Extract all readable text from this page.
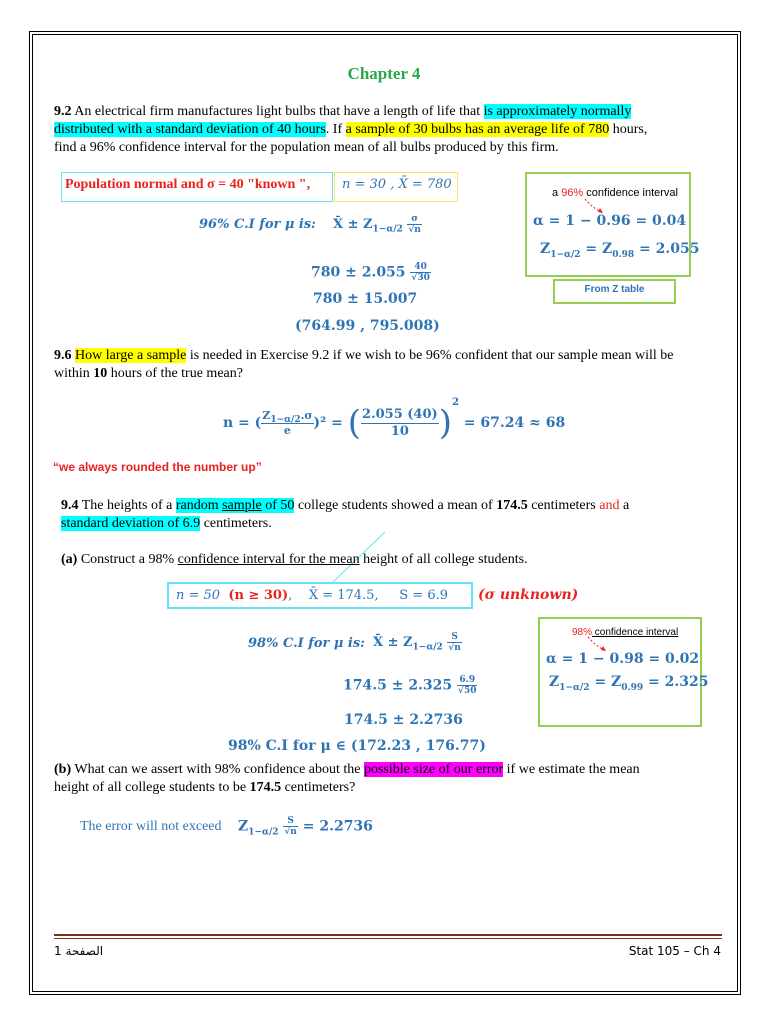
Chapter 4
9.2 An electrical firm manufactures light bulbs that have a length of life that is approximately normally
distributed with a standard deviation of 40 hours. If a sample of 30 bulbs has an average life of 780 hours,
find a 96% confidence interval for the population mean of all bulbs produced by this firm.
Population normal and σ = 40 "known ", n = 30 , X̄ = 780
a 96% confidence interval
α = 1 − 0.96 = 0.04
$Z_{1-\alpha/2} = Z_{0.98} = 2.055$
From Z table
96% C.I for μ is: X̄ ± $Z_{1-\alpha/2} \frac{\sigma}{√n}$
$780 \pm 2.055 \frac{40}{√30}$
780 ± 15.007
(764.99 , 795.008)
9.6 How large a sample is needed in Exercise 9.2 if we wish to be 96% confident that our sample mean will be
within 10 hours of the true mean?
n = ( $\frac{Z_{1-\alpha/2}.\sigma}{e} )^2$ = ( $\frac{2.055 (40)}{10} )^2 = 67.24 \approx 68$
“we always rounded the number up”
9.4 The heights of a random sample of 50 college students showed a mean of 174.5 centimeters and a
standard deviation of 6.9 centimeters.
(a) Construct a 98% confidence interval for the mean height of all college students.
n = 50 (n ≥ 30), X̄ = 174.5, S = 6.9 (σ unknown)
98% confidence interval
α = 1 − 0.98 = 0.02
$Z_{1-\alpha/2} = Z_{0.99} = 2.325$
98% C.I for μ is: X̄ ± $Z_{1-\alpha/2} \frac{S}{√n}$
$174.5 \pm 2.325 \frac{6.9}{√50}$
174.5 ± 2.2736
98% C.I for μ ∈ (172.23 , 176.77)
(b) What can we assert with 98% confidence about the possible size of our error if we estimate the mean
height of all college students to be 174.5 centimeters?
The error will not exceed $Z_{1-\alpha/2} \frac{S}{√n} = 2.2736$
الصفحة 1	Stat 105 – Ch 4
